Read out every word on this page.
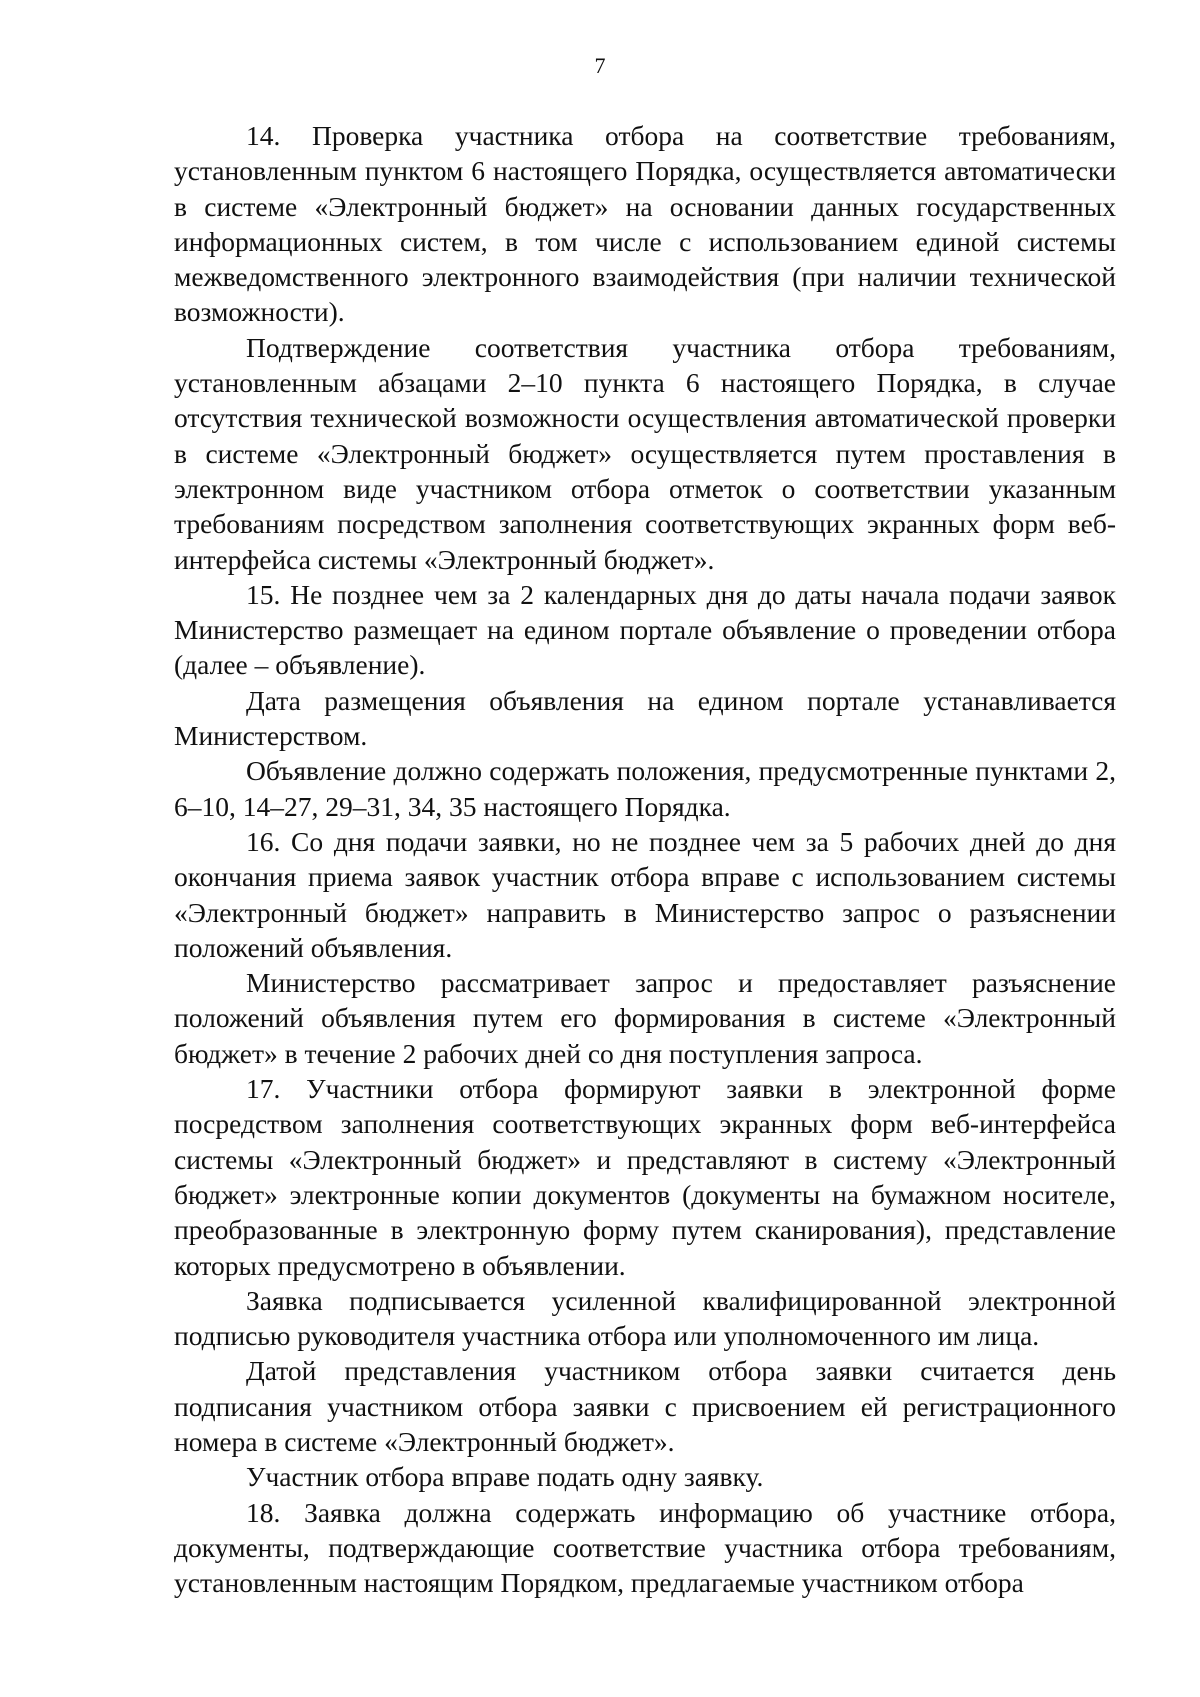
7

14. Проверка участника отбора на соответствие требованиям, установленным пунктом 6 настоящего Порядка, осуществляется автоматически в системе «Электронный бюджет» на основании данных государственных информационных систем, в том числе с использованием единой системы межведомственного электронного взаимодействия (при наличии технической возможности).

Подтверждение соответствия участника отбора требованиям, установленным абзацами 2–10 пункта 6 настоящего Порядка, в случае отсутствия технической возможности осуществления автоматической проверки в системе «Электронный бюджет» осуществляется путем проставления в электронном виде участником отбора отметок о соответствии указанным требованиям посредством заполнения соответствующих экранных форм веб-интерфейса системы «Электронный бюджет».

15. Не позднее чем за 2 календарных дня до даты начала подачи заявок Министерство размещает на едином портале объявление о проведении отбора (далее – объявление).

Дата размещения объявления на едином портале устанавливается Министерством.

Объявление должно содержать положения, предусмотренные пунктами 2, 6–10, 14–27, 29–31, 34, 35 настоящего Порядка.

16. Со дня подачи заявки, но не позднее чем за 5 рабочих дней до дня окончания приема заявок участник отбора вправе с использованием системы «Электронный бюджет» направить в Министерство запрос о разъяснении положений объявления.

Министерство рассматривает запрос и предоставляет разъяснение положений объявления путем его формирования в системе «Электронный бюджет» в течение 2 рабочих дней со дня поступления запроса.

17. Участники отбора формируют заявки в электронной форме посредством заполнения соответствующих экранных форм веб-интерфейса системы «Электронный бюджет» и представляют в систему «Электронный бюджет» электронные копии документов (документы на бумажном носителе, преобразованные в электронную форму путем сканирования), представление которых предусмотрено в объявлении.

Заявка подписывается усиленной квалифицированной электронной подписью руководителя участника отбора или уполномоченного им лица.

Датой представления участником отбора заявки считается день подписания участником отбора заявки с присвоением ей регистрационного номера в системе «Электронный бюджет».

Участник отбора вправе подать одну заявку.

18. Заявка должна содержать информацию об участнике отбора, документы, подтверждающие соответствие участника отбора требованиям, установленным настоящим Порядком, предлагаемые участником отбора
